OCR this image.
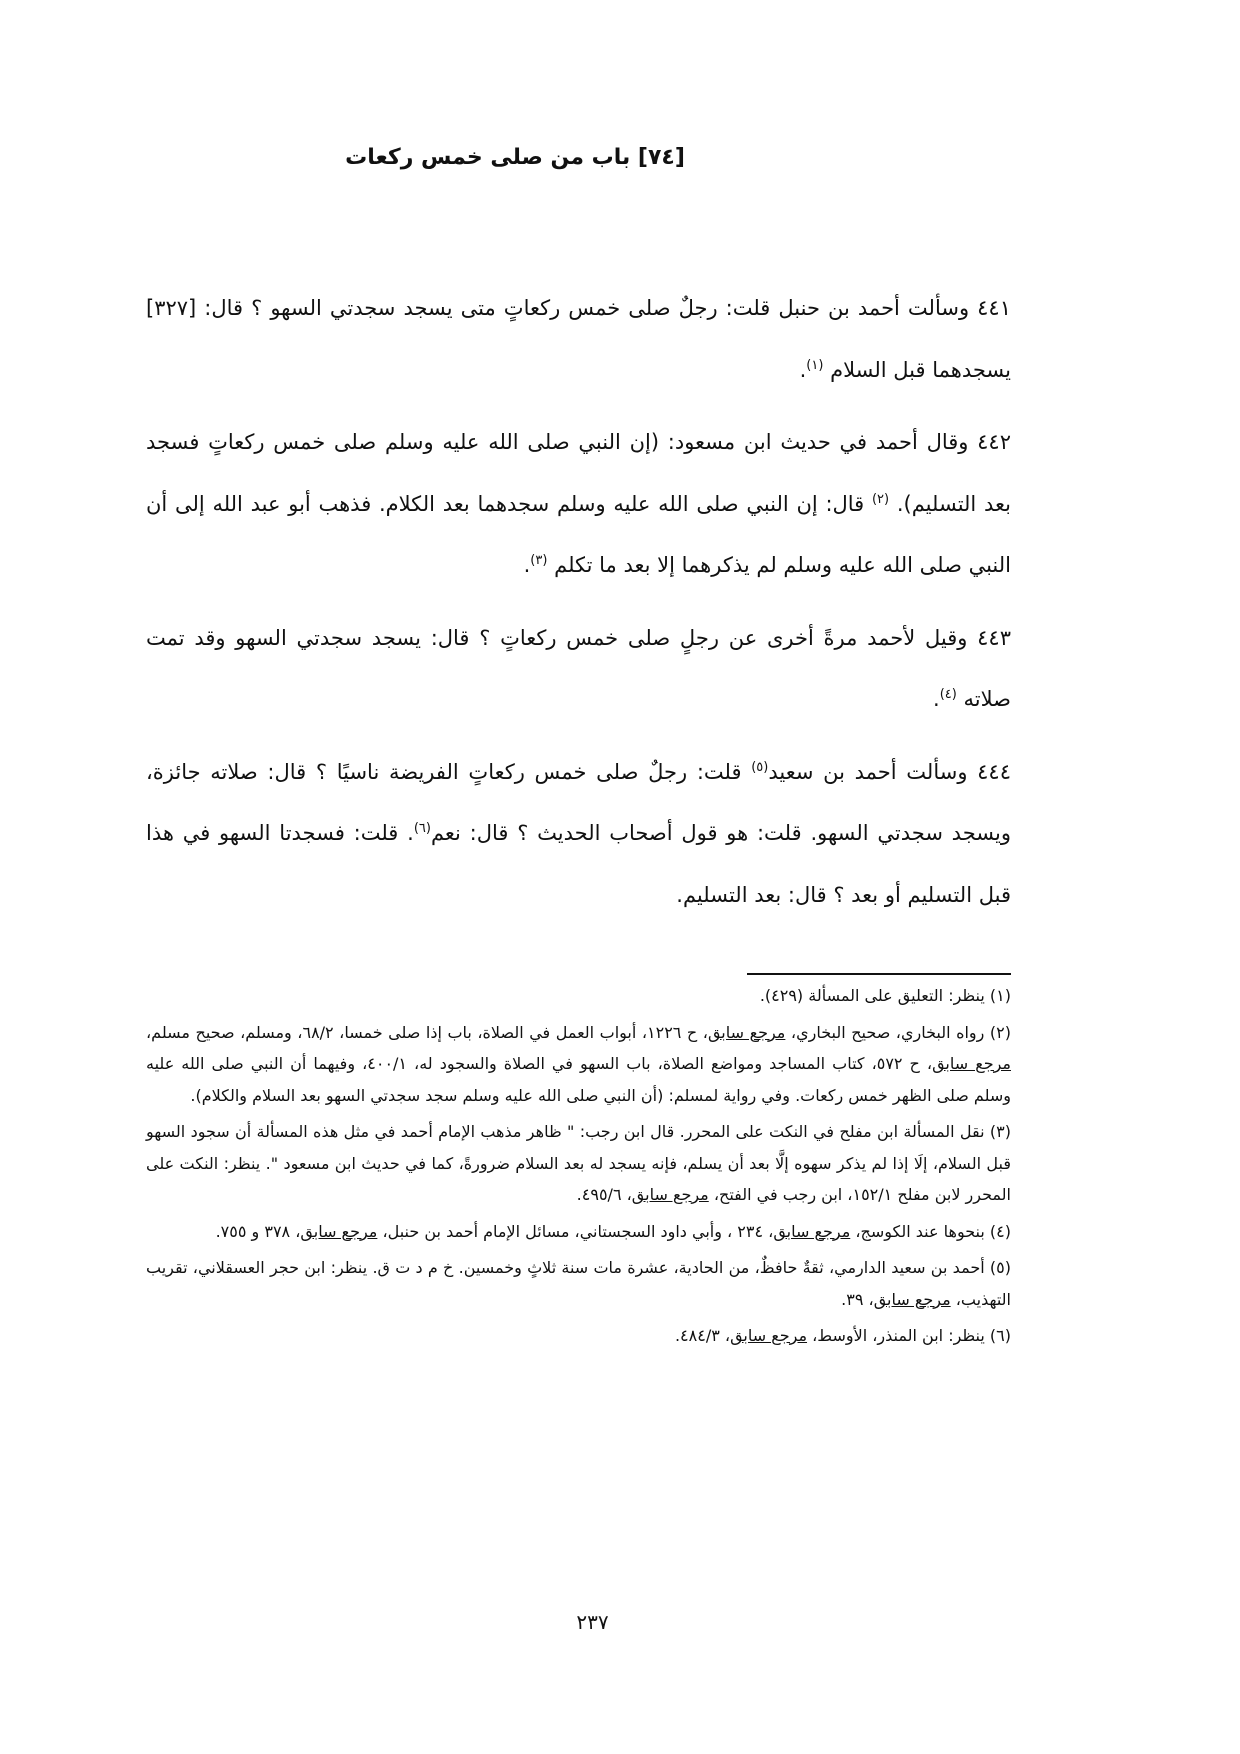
[٧٤] باب من صلى خمس ركعات

٤٤١ وسألت أحمد بن حنبل قلت: رجلٌ صلى خمس ركعاتٍ متى يسجد سجدتي السهو ؟ قال: [٣٢٧] يسجدهما قبل السلام $^{(١)}$.

٤٤٢ وقال أحمد في حديث ابن مسعود: (إن النبي صلى الله عليه وسلم صلى خمس ركعاتٍ فسجد بعد التسليم). $^{(٢)}$ قال: إن النبي صلى الله عليه وسلم سجدهما بعد الكلام. فذهب أبو عبد الله إلى أن النبي صلى الله عليه وسلم لم يذكرهما إلا بعد ما تكلم $^{(٣)}$.

٤٤٣ وقيل لأحمد مرةً أخرى عن رجلٍ صلى خمس ركعاتٍ ؟ قال: يسجد سجدتي السهو وقد تمت صلاته $^{(٤)}$.

٤٤٤ وسألت أحمد بن سعيد$^{(٥)}$ قلت: رجلٌ صلى خمس ركعاتٍ الفريضة ناسيًا ؟ قال: صلاته جائزة، ويسجد سجدتي السهو. قلت: هو قول أصحاب الحديث ؟ قال: نعم$^{(٦)}$. قلت: فسجدتا السهو في هذا قبل التسليم أو بعد ؟ قال: بعد التسليم.

(١) ينظر: التعليق على المسألة (٤٢٩).

(٢) رواه البخاري، صحيح البخاري، مرجع سابق، ح ١٢٢٦، أبواب العمل في الصلاة، باب إذا صلى خمسا، ٦٨/٢، ومسلم، صحيح مسلم، مرجع سابق، ح ٥٧٢، كتاب المساجد ومواضع الصلاة، باب السهو في الصلاة والسجود له، ٤٠٠/١، وفيهما أن النبي صلى الله عليه وسلم صلى الظهر خمس ركعات. وفي رواية لمسلم: (أن النبي صلى الله عليه وسلم سجد سجدتي السهو بعد السلام والكلام).

(٣) نقل المسألة ابن مفلح في النكت على المحرر. قال ابن رجب: " ظاهر مذهب الإمام أحمد في مثل هذه المسألة أن سجود السهو قبل السلام، إلَا إذا لم يذكر سهوه إلَّا بعد أن يسلم، فإنه يسجد له بعد السلام ضرورةً، كما في حديث ابن مسعود ". ينظر: النكت على المحرر لابن مفلح ١٥٢/١، ابن رجب في الفتح، مرجع سابق، ٤٩٥/٦.

(٤) بنحوها عند الكوسج، مرجع سابق، ٢٣٤ ، وأبي داود السجستاني، مسائل الإمام أحمد بن حنبل، مرجع سابق، ٣٧٨ و ٧٥٥.

(٥) أحمد بن سعيد الدارمي، ثقةٌ حافظٌ، من الحادية، عشرة مات سنة ثلاثٍ وخمسين. خ م د ت ق. ينظر: ابن حجر العسقلاني، تقريب التهذيب، مرجع سابق، ٣٩.

(٦) ينظر: ابن المنذر، الأوسط، مرجع سابق، ٤٨٤/٣.

٢٣٧
